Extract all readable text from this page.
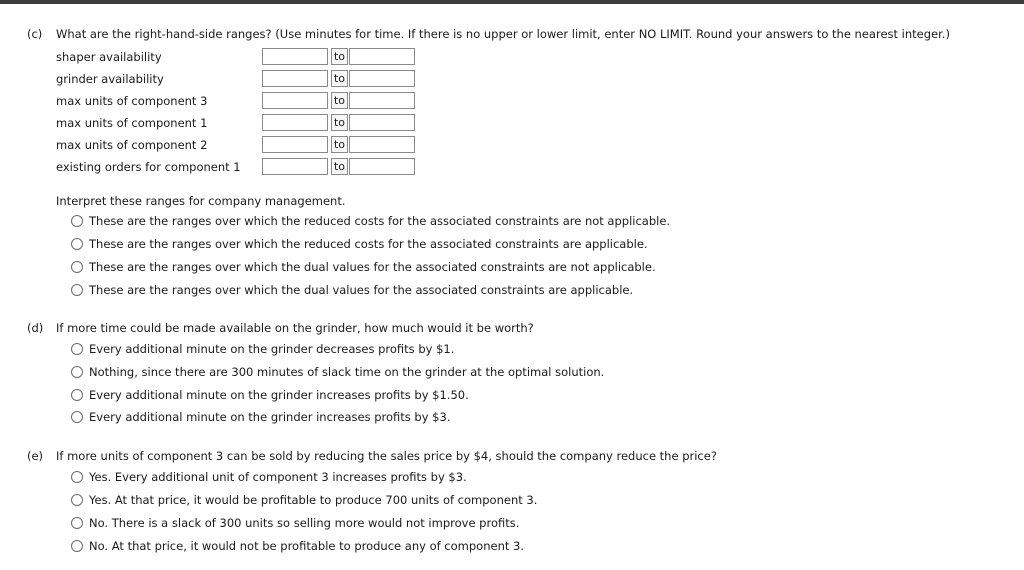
(c) What are the right-hand-side ranges? (Use minutes for time. If there is no upper or lower limit, enter NO LIMIT. Round your answers to the nearest integer.)
shaper availability	to
grinder availability	to
max units of component 3	to
max units of component 1	to
max units of component 2	to
existing orders for component 1	to
Interpret these ranges for company management.
These are the ranges over which the reduced costs for the associated constraints are not applicable.
These are the ranges over which the reduced costs for the associated constraints are applicable.
These are the ranges over which the dual values for the associated constraints are not applicable.
These are the ranges over which the dual values for the associated constraints are applicable.
(d) If more time could be made available on the grinder, how much would it be worth?
Every additional minute on the grinder decreases profits by $1.
Nothing, since there are 300 minutes of slack time on the grinder at the optimal solution.
Every additional minute on the grinder increases profits by $1.50.
Every additional minute on the grinder increases profits by $3.
(e) If more units of component 3 can be sold by reducing the sales price by $4, should the company reduce the price?
Yes. Every additional unit of component 3 increases profits by $3.
Yes. At that price, it would be profitable to produce 700 units of component 3.
No. There is a slack of 300 units so selling more would not improve profits.
No. At that price, it would not be profitable to produce any of component 3.
